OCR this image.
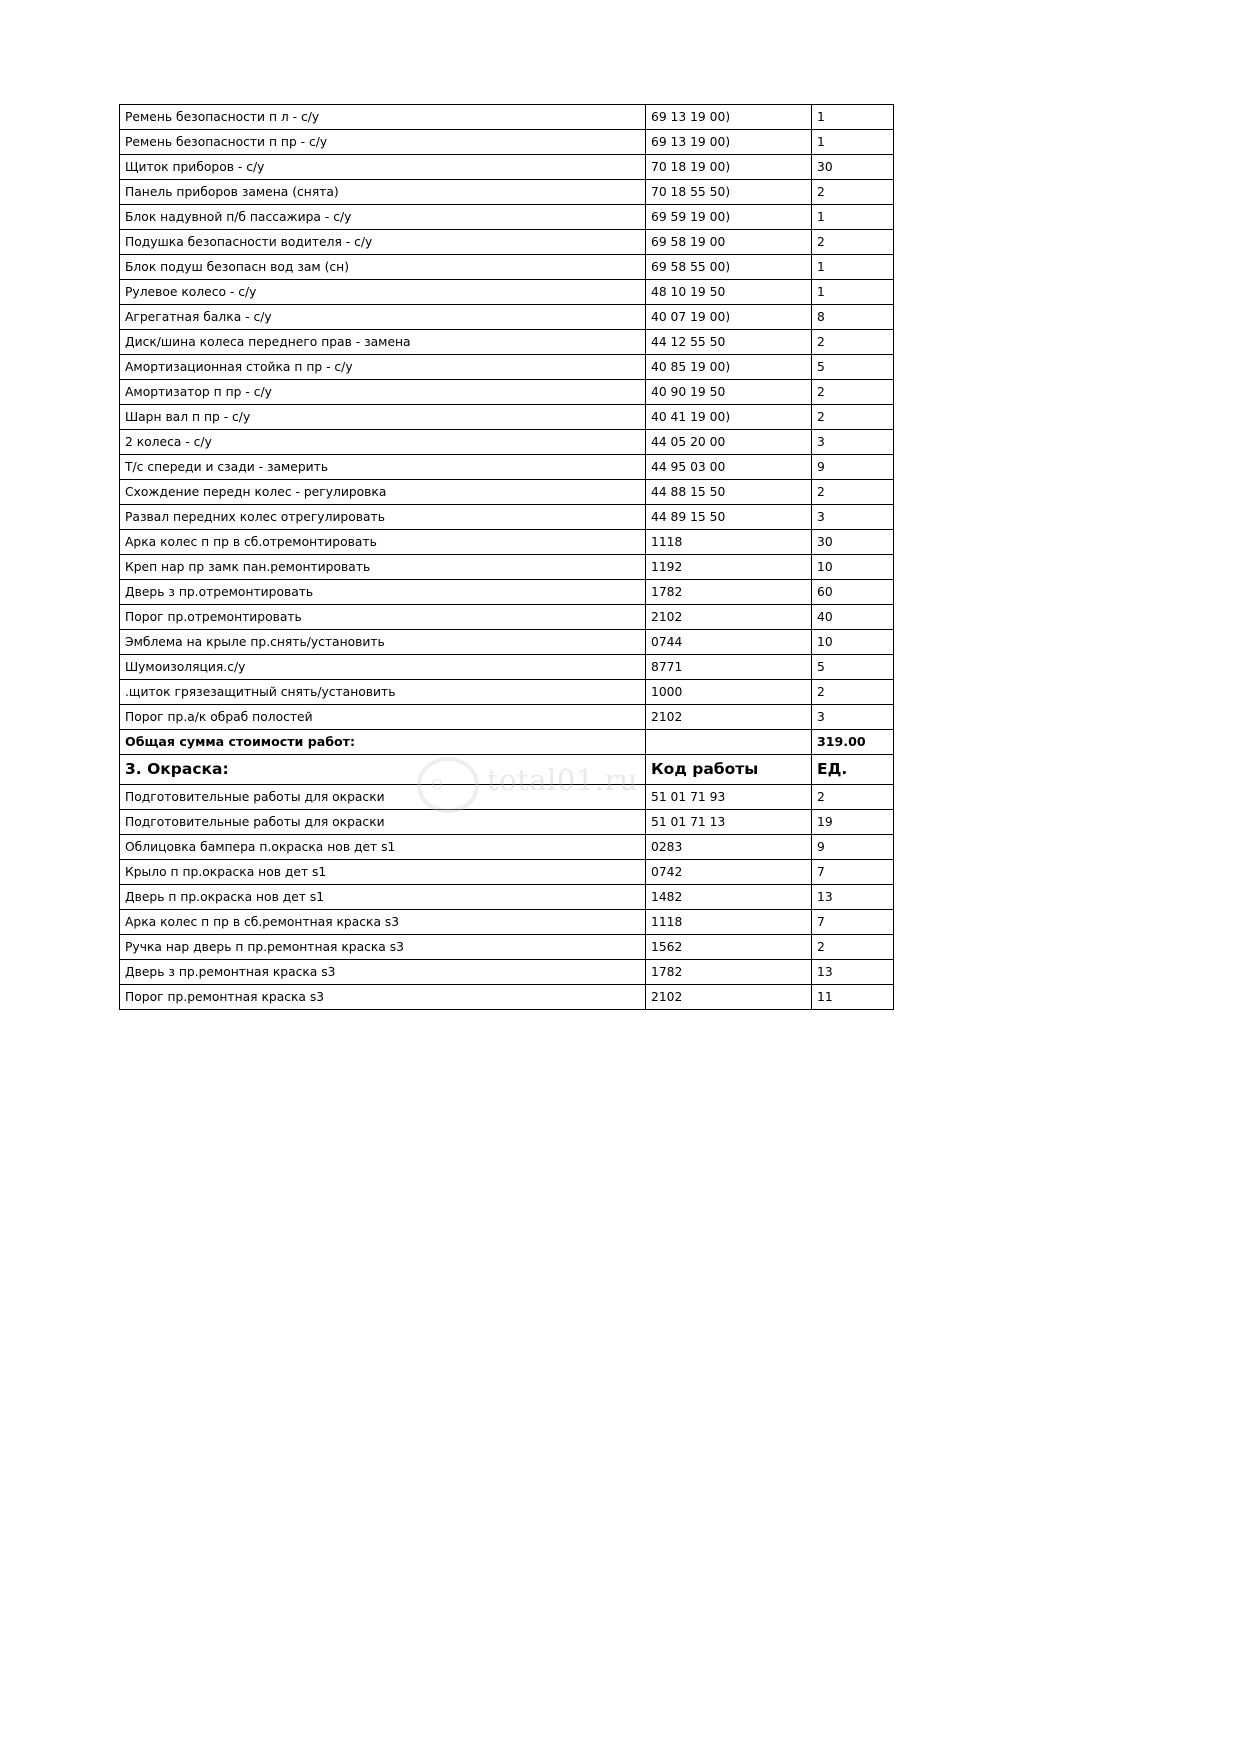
Ремень безопасности п л - с/у	69 13 19 00)	1
Ремень безопасности п пр - с/у	69 13 19 00)	1
Щиток приборов - с/у	70 18 19 00)	30
Панель приборов замена (снята)	70 18 55 50)	2
Блок надувной п/б пассажира - с/у	69 59 19 00)	1
Подушка безопасности водителя - с/у	69 58 19 00	2
Блок подуш безопасн вод зам (сн)	69 58 55 00)	1
Рулевое колесо - с/у	48 10 19 50	1
Агрегатная балка - с/у	40 07 19 00)	8
Диск/шина колеса переднего прав - замена	44 12 55 50	2
Амортизационная стойка п пр - с/у	40 85 19 00)	5
Амортизатор п пр - с/у	40 90 19 50	2
Шарн вал п пр - с/у	40 41 19 00)	2
2 колеса - с/у	44 05 20 00	3
Т/с спереди и сзади - замерить	44 95 03 00	9
Схождение передн колес - регулировка	44 88 15 50	2
Развал передних колес отрегулировать	44 89 15 50	3
Арка колес п пр в сб.отремонтировать	1118	30
Креп нар пр замк пан.ремонтировать	1192	10
Дверь з пр.отремонтировать	1782	60
Порог пр.отремонтировать	2102	40
Эмблема на крыле пр.снять/установить	0744	10
Шумоизоляция.с/у	8771	5
.щиток грязезащитный снять/установить	1000	2
Порог пр.а/к обраб полостей	2102	3
Общая сумма стоимости работ:		319.00
3. Окраска:	Код работы	ЕД.
Подготовительные работы для окраски	51 01 71 93	2
Подготовительные работы для окраски	51 01 71 13	19
Облицовка бампера п.окраска нов дет s1	0283	9
Крыло п пр.окраска нов дет s1	0742	7
Дверь п пр.окраска нов дет s1	1482	13
Арка колес п пр в сб.ремонтная краска s3	1118	7
Ручка нар дверь п пр.ремонтная краска s3	1562	2
Дверь з пр.ремонтная краска s3	1782	13
Порог пр.ремонтная краска s3	2102	11
o total01.ru
